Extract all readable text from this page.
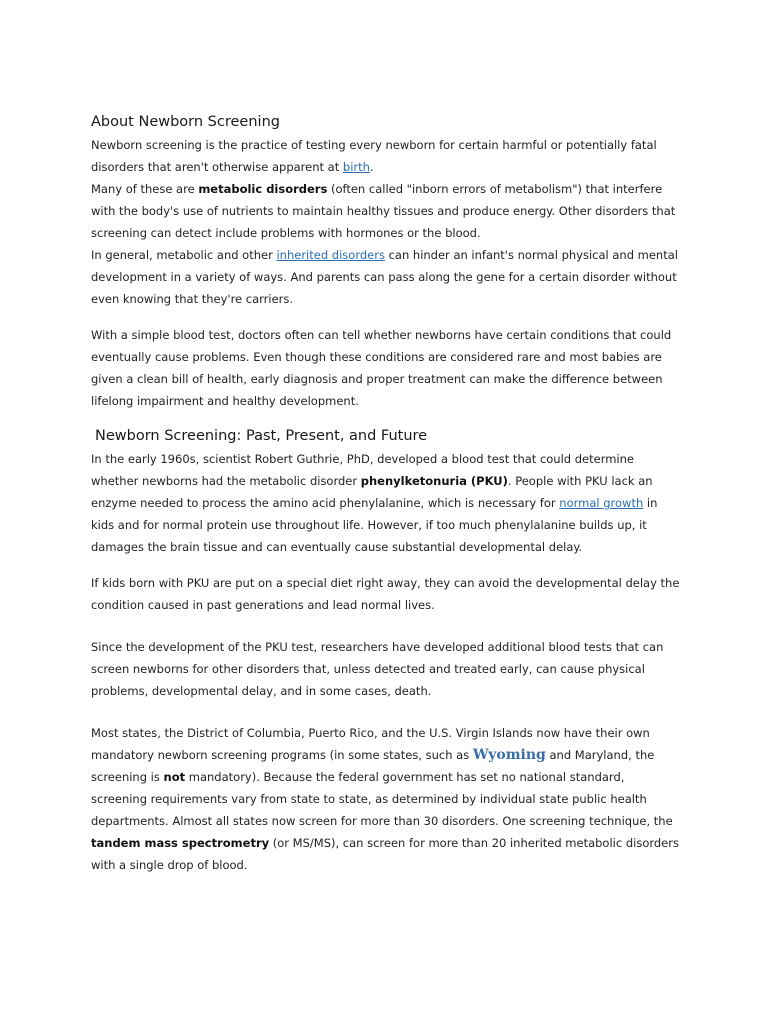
About Newborn Screening

Newborn screening is the practice of testing every newborn for certain harmful or potentially fatal disorders that aren't otherwise apparent at birth.

Many of these are metabolic disorders (often called "inborn errors of metabolism") that interfere with the body's use of nutrients to maintain healthy tissues and produce energy. Other disorders that screening can detect include problems with hormones or the blood.

In general, metabolic and other inherited disorders can hinder an infant's normal physical and mental development in a variety of ways. And parents can pass along the gene for a certain disorder without even knowing that they're carriers.

With a simple blood test, doctors often can tell whether newborns have certain conditions that could eventually cause problems. Even though these conditions are considered rare and most babies are given a clean bill of health, early diagnosis and proper treatment can make the difference between lifelong impairment and healthy development.

Newborn Screening: Past, Present, and Future

In the early 1960s, scientist Robert Guthrie, PhD, developed a blood test that could determine whether newborns had the metabolic disorder phenylketonuria (PKU). People with PKU lack an enzyme needed to process the amino acid phenylalanine, which is necessary for normal growth in kids and for normal protein use throughout life. However, if too much phenylalanine builds up, it damages the brain tissue and can eventually cause substantial developmental delay.

If kids born with PKU are put on a special diet right away, they can avoid the developmental delay the condition caused in past generations and lead normal lives.

Since the development of the PKU test, researchers have developed additional blood tests that can screen newborns for other disorders that, unless detected and treated early, can cause physical problems, developmental delay, and in some cases, death.

Most states, the District of Columbia, Puerto Rico, and the U.S. Virgin Islands now have their own mandatory newborn screening programs (in some states, such as Wyoming and Maryland, the screening is not mandatory). Because the federal government has set no national standard, screening requirements vary from state to state, as determined by individual state public health departments. Almost all states now screen for more than 30 disorders. One screening technique, the tandem mass spectrometry (or MS/MS), can screen for more than 20 inherited metabolic disorders with a single drop of blood.
